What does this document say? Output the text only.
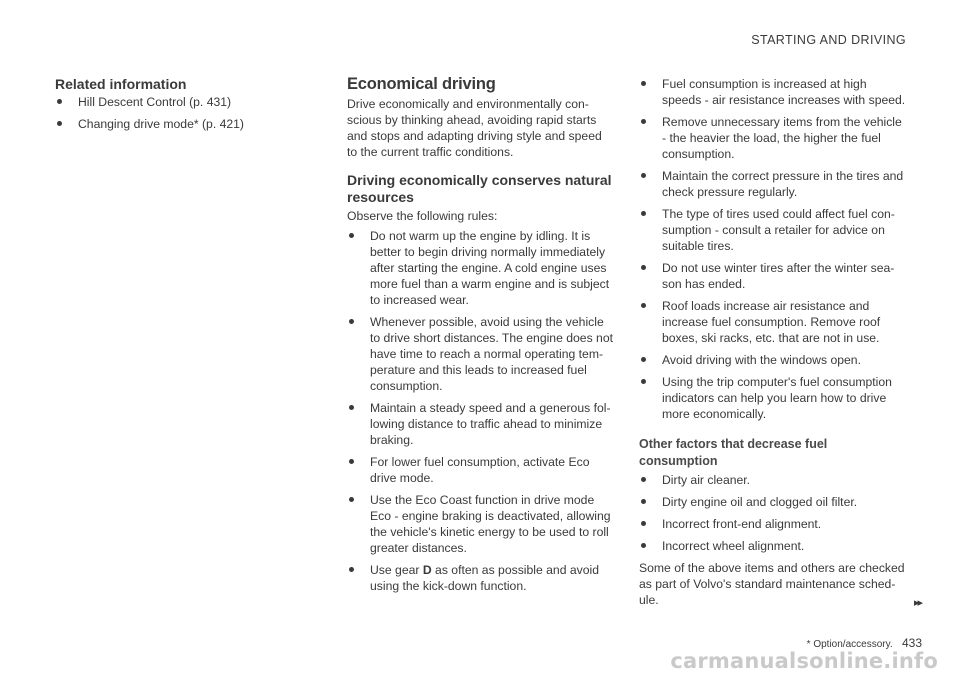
STARTING AND DRIVING
Related information
Hill Descent Control (p. 431)
Changing drive mode* (p. 421)
Economical driving

Drive economically and environmentally con-scious by thinking ahead, avoiding rapid starts and stops and adapting driving style and speed to the current traffic conditions.

Driving economically conserves natural resources

Observe the following rules:

Do not warm up the engine by idling. It is better to begin driving normally immediately after starting the engine. A cold engine uses more fuel than a warm engine and is subject to increased wear.
Whenever possible, avoid using the vehicle to drive short distances. The engine does not have time to reach a normal operating tem-perature and this leads to increased fuel consumption.
Maintain a steady speed and a generous fol-lowing distance to traffic ahead to minimize braking.
For lower fuel consumption, activate Eco drive mode.
Use the Eco Coast function in drive mode Eco - engine braking is deactivated, allowing the vehicle's kinetic energy to be used to roll greater distances.
Use gear D as often as possible and avoid using the kick-down function.
Fuel consumption is increased at high speeds - air resistance increases with speed.
Remove unnecessary items from the vehicle - the heavier the load, the higher the fuel consumption.
Maintain the correct pressure in the tires and check pressure regularly.
The type of tires used could affect fuel con-sumption - consult a retailer for advice on suitable tires.
Do not use winter tires after the winter sea-son has ended.
Roof loads increase air resistance and increase fuel consumption. Remove roof boxes, ski racks, etc. that are not in use.
Avoid driving with the windows open.
Using the trip computer's fuel consumption indicators can help you learn how to drive more economically.
Other factors that decrease fuel consumption
Dirty air cleaner.
Dirty engine oil and clogged oil filter.
Incorrect front-end alignment.
Incorrect wheel alignment.

Some of the above items and others are checked as part of Volvo's standard maintenance sched-ule.	▸▸
* Option/accessory. 433
carmanualsonline.info
